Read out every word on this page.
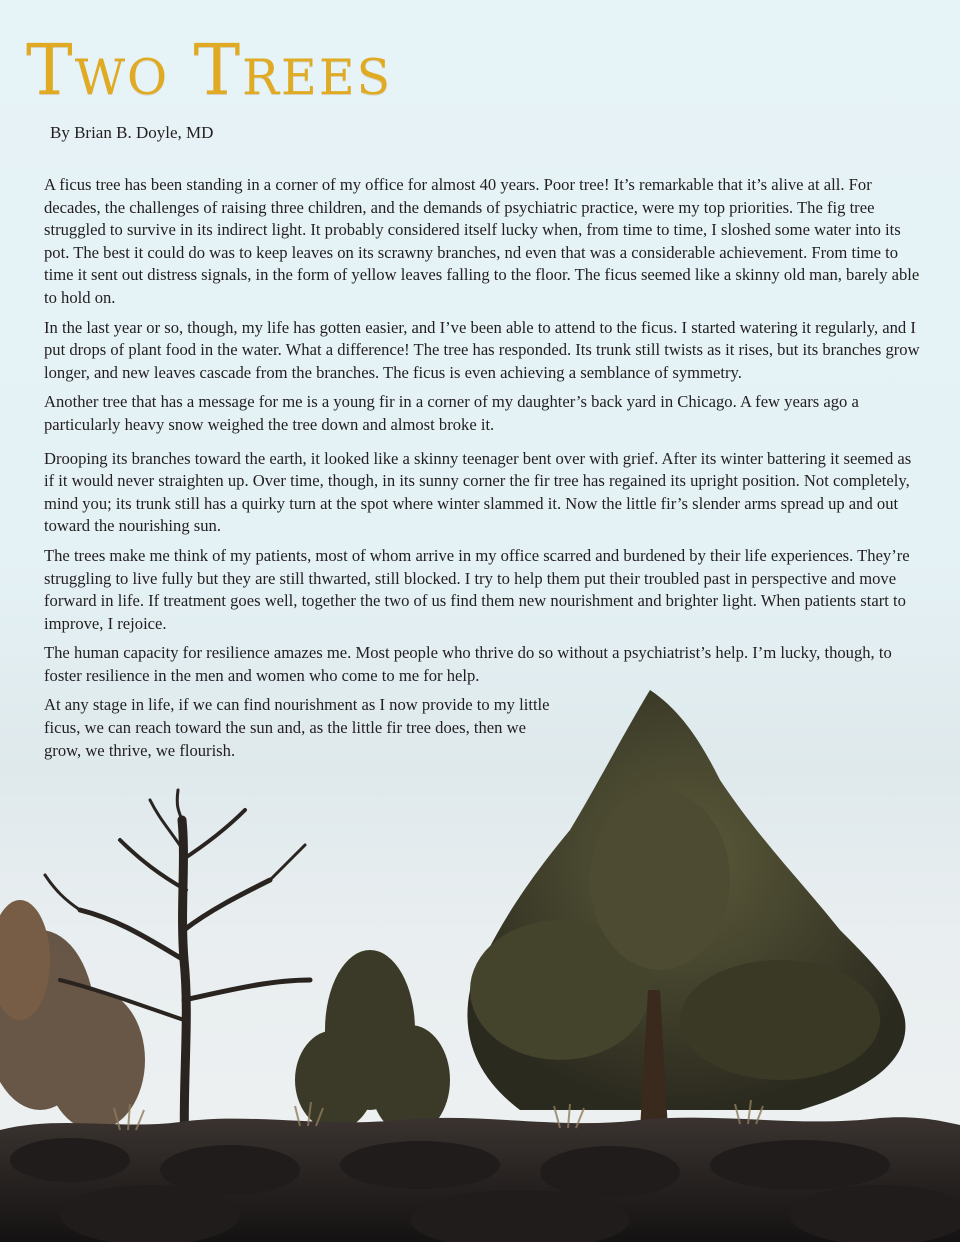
Two Trees
By Brian B. Doyle, MD

A ficus tree has been standing in a corner of my office for almost 40 years. Poor tree! It’s remarkable that it’s alive at all. For decades, the challenges of raising three children, and the demands of psychiatric practice, were my top priorities. The fig tree struggled to survive in its indirect light. It probably considered itself lucky when, from time to time, I sloshed some water into its pot. The best it could do was to keep leaves on its scrawny branches, nd even that was a considerable achievement. From time to time it sent out distress signals, in the form of yellow leaves falling to the floor. The ficus seemed like a skinny old man, barely able to hold on.

In the last year or so, though, my life has gotten easier, and I’ve been able to attend to the ficus. I started watering it regularly, and I put drops of plant food in the water. What a difference! The tree has responded. Its trunk still twists as it rises, but its branches grow longer, and new leaves cascade from the branches. The ficus is even achieving a semblance of symmetry.

Another tree that has a message for me is a young fir in a corner of my daughter’s back yard in Chicago. A few years ago a particularly heavy snow weighed the tree down and almost broke it.

Drooping its branches toward the earth, it looked like a skinny teenager bent over with grief. After its winter battering it seemed as if it would never straighten up. Over time, though, in its sunny corner the fir tree has regained its upright position. Not completely, mind you; its trunk still has a quirky turn at the spot where winter slammed it. Now the little fir’s slender arms spread up and out toward the nourishing sun.

The trees make me think of my patients, most of whom arrive in my office scarred and burdened by their life experiences. They’re struggling to live fully but they are still thwarted, still blocked. I try to help them put their troubled past in perspective and move forward in life. If treatment goes well, together the two of us find them new nourishment and brighter light. When patients start to improve, I rejoice.

The human capacity for resilience amazes me. Most people who thrive do so without a psychiatrist’s help. I’m lucky, though, to foster resilience in the men and women who come to me for help.

At any stage in life, if we can find nourishment as I now provide to my little ficus, we can reach toward the sun and, as the little fir tree does, then we grow, we thrive, we flourish.
